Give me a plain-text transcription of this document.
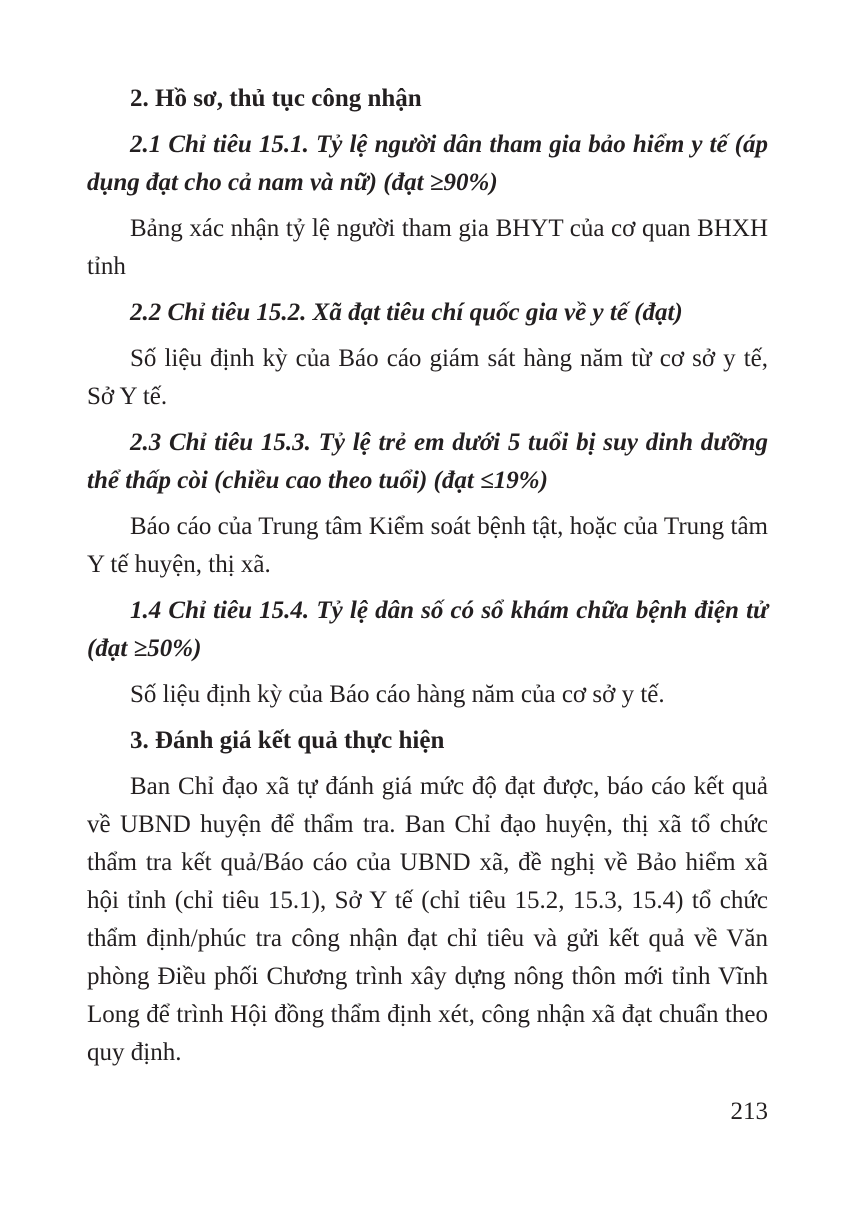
2. Hồ sơ, thủ tục công nhận

2.1 Chỉ tiêu 15.1. Tỷ lệ người dân tham gia bảo hiểm y tế (áp dụng đạt cho cả nam và nữ) (đạt ≥90%)

Bảng xác nhận tỷ lệ người tham gia BHYT của cơ quan BHXH tỉnh

2.2 Chỉ tiêu 15.2. Xã đạt tiêu chí quốc gia về y tế (đạt)

Số liệu định kỳ của Báo cáo giám sát hàng năm từ cơ sở y tế, Sở Y tế.

2.3 Chỉ tiêu 15.3. Tỷ lệ trẻ em dưới 5 tuổi bị suy dinh dưỡng thể thấp còi (chiều cao theo tuổi) (đạt ≤19%)

Báo cáo của Trung tâm Kiểm soát bệnh tật, hoặc của Trung tâm Y tế huyện, thị xã.

1.4 Chỉ tiêu 15.4. Tỷ lệ dân số có sổ khám chữa bệnh điện tử (đạt ≥50%)

Số liệu định kỳ của Báo cáo hàng năm của cơ sở y tế.

3. Đánh giá kết quả thực hiện

Ban Chỉ đạo xã tự đánh giá mức độ đạt được, báo cáo kết quả về UBND huyện để thẩm tra. Ban Chỉ đạo huyện, thị xã tổ chức thẩm tra kết quả/Báo cáo của UBND xã, đề nghị về Bảo hiểm xã hội tỉnh (chỉ tiêu 15.1), Sở Y tế (chỉ tiêu 15.2, 15.3, 15.4) tổ chức thẩm định/phúc tra công nhận đạt chỉ tiêu và gửi kết quả về Văn phòng Điều phối Chương trình xây dựng nông thôn mới tỉnh Vĩnh Long để trình Hội đồng thẩm định xét, công nhận xã đạt chuẩn theo quy định.

213
